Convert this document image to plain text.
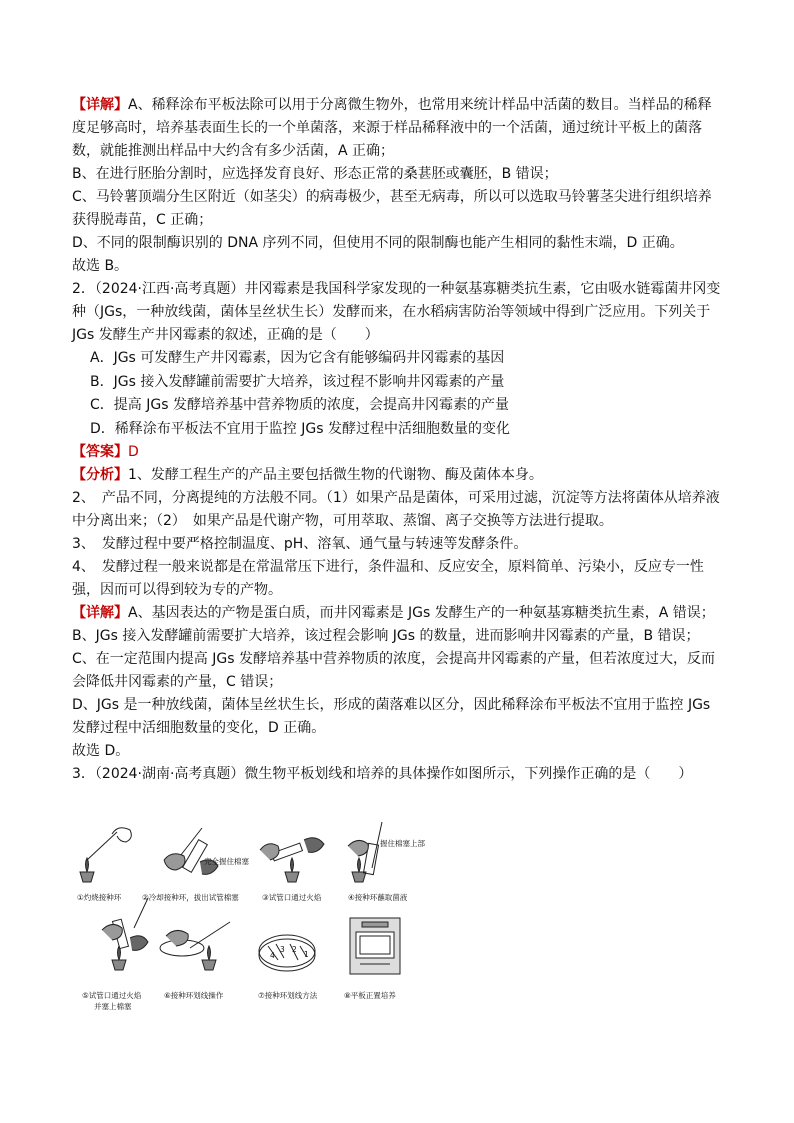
【详解】A、稀释涂布平板法除可以用于分离微生物外，也常用来统计样品中活菌的数目。当样品的稀释度足够高时，培养基表面生长的一个单菌落，来源于样品稀释液中的一个活菌，通过统计平板上的菌落数，就能推测出样品中大约含有多少活菌，A 正确；

B、在进行胚胎分割时，应选择发育良好、形态正常的桑葚胚或囊胚，B 错误；

C、马铃薯顶端分生区附近（如茎尖）的病毒极少，甚至无病毒，所以可以选取马铃薯茎尖进行组织培养获得脱毒苗，C 正确；

D、不同的限制酶识别的 DNA 序列不同，但使用不同的限制酶也能产生相同的黏性末端，D 正确。

故选 B。

2．（2024·江西·高考真题）井冈霉素是我国科学家发现的一种氨基寡糖类抗生素，它由吸水链霉菌井冈变种（JGs，一种放线菌，菌体呈丝状生长）发酵而来，在水稻病害防治等领域中得到广泛应用。下列关于 JGs 发酵生产井冈霉素的叙述，正确的是（　　）

A．JGs 可发酵生产井冈霉素，因为它含有能够编码井冈霉素的基因

B．JGs 接入发酵罐前需要扩大培养，该过程不影响井冈霉素的产量

C．提高 JGs 发酵培养基中营养物质的浓度，会提高井冈霉素的产量

D．稀释涂布平板法不宜用于监控 JGs 发酵过程中活细胞数量的变化

【答案】D

【分析】1、发酵工程生产的产品主要包括微生物的代谢物、酶及菌体本身。

2、　产品不同，分离提纯的方法般不同。（1）如果产品是菌体，可采用过滤，沉淀等方法将菌体从培养液中分离出来；（2）　如果产品是代谢产物，可用萃取、蒸馏、离子交换等方法进行提取。

3、　发酵过程中要严格控制温度、pH、溶氧、通气量与转速等发酵条件。

4、　发酵过程一般来说都是在常温常压下进行，条件温和、反应安全，原料简单、污染小，反应专一性强，因而可以得到较为专的产物。

【详解】A、基因表达的产物是蛋白质，而井冈霉素是 JGs 发酵生产的一种氨基寡糖类抗生素，A 错误；

B、JGs 接入发酵罐前需要扩大培养，该过程会影响 JGs 的数量，进而影响井冈霉素的产量，B 错误；

C、在一定范围内提高 JGs 发酵培养基中营养物质的浓度，会提高井冈霉素的产量，但若浓度过大，反而会降低井冈霉素的产量，C 错误；

D、JGs 是一种放线菌，菌体呈丝状生长，形成的菌落难以区分，因此稀释涂布平板法不宜用于监控 JGs 发酵过程中活细胞数量的变化，D 正确。

故选 D。

3．（2024·湖南·高考真题）微生物平板划线和培养的具体操作如图所示，下列操作正确的是（　　）

1
2
3
4
完全握住棉塞
握住棉塞上部
①灼烧接种环	②冷却接种环，拔出试管棉塞	③试管口通过火焰	④接种环蘸取菌液
⑤试管口通过火焰
并塞上棉塞
⑥接种环划线操作	⑦接种环划线方法	⑧平板正置培养
